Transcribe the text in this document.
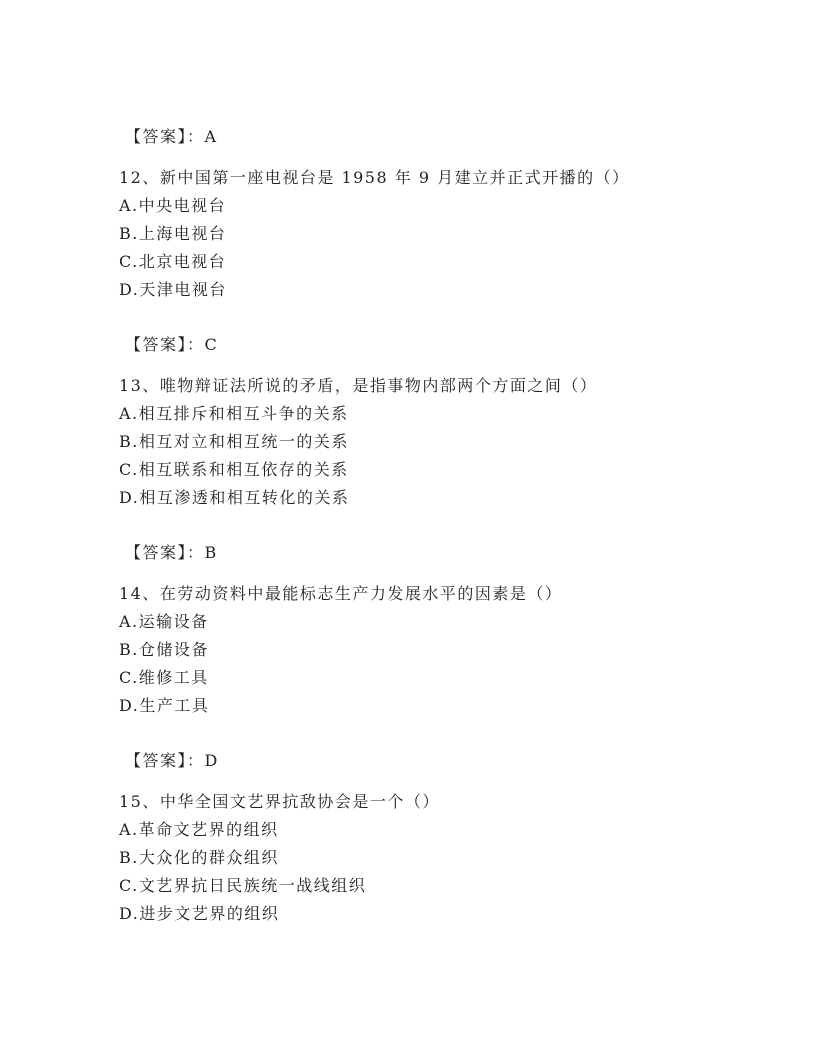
【答案】：A
12、新中国第一座电视台是 1958 年 9 月建立并正式开播的（）
A.中央电视台
B.上海电视台
C.北京电视台
D.天津电视台
【答案】：C
13、唯物辩证法所说的矛盾，是指事物内部两个方面之间（）
A.相互排斥和相互斗争的关系
B.相互对立和相互统一的关系
C.相互联系和相互依存的关系
D.相互渗透和相互转化的关系
【答案】：B
14、在劳动资料中最能标志生产力发展水平的因素是（）
A.运输设备
B.仓储设备
C.维修工具
D.生产工具
【答案】：D
15、中华全国文艺界抗敌协会是一个（）
A.革命文艺界的组织
B.大众化的群众组织
C.文艺界抗日民族统一战线组织
D.进步文艺界的组织
